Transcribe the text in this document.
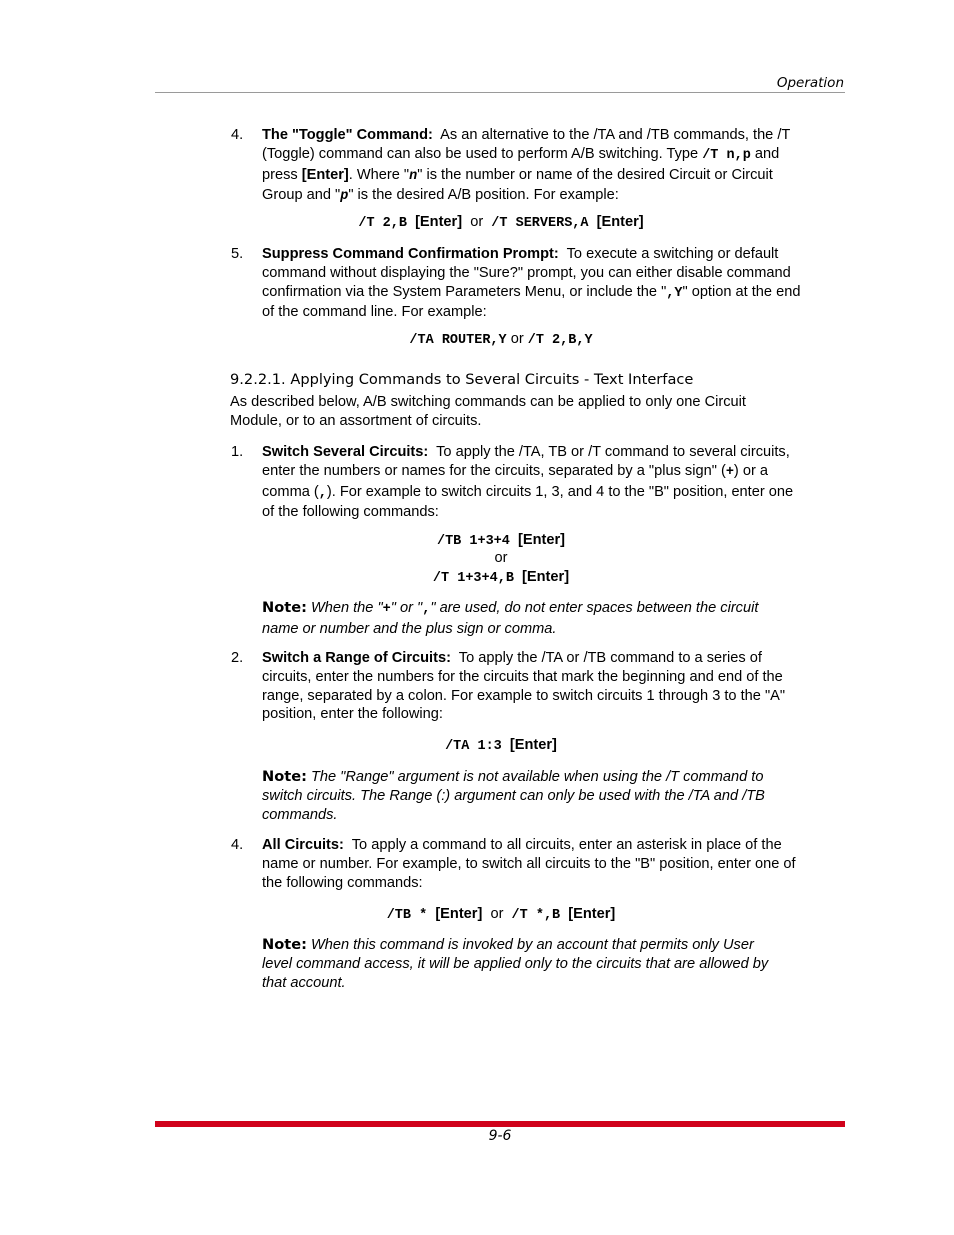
Operation
4. The "Toggle" Command: As an alternative to the /TA and /TB commands, the /T
(Toggle) command can also be used to perform A/B switching. Type /T n,p and
press [Enter]. Where "n" is the number or name of the desired Circuit or Circuit
Group and "p" is the desired A/B position. For example:
/T 2,B [Enter] or /T SERVERS,A [Enter]
5. Suppress Command Confirmation Prompt: To execute a switching or default
command without displaying the "Sure?" prompt, you can either disable command
confirmation via the System Parameters Menu, or include the ",Y" option at the end
of the command line. For example:
/TA ROUTER,Y or /T 2,B,Y
9.2.2.1. Applying Commands to Several Circuits - Text Interface
As described below, A/B switching commands can be applied to only one Circuit
Module, or to an assortment of circuits.
1. Switch Several Circuits: To apply the /TA, TB or /T command to several circuits,
enter the numbers or names for the circuits, separated by a "plus sign" (+) or a
comma (,). For example to switch circuits 1, 3, and 4 to the "B" position, enter one
of the following commands:
/TB 1+3+4 [Enter]
or
/T 1+3+4,B [Enter]
Note: When the "+" or "," are used, do not enter spaces between the circuit
name or number and the plus sign or comma.
2. Switch a Range of Circuits: To apply the /TA or /TB command to a series of
circuits, enter the numbers for the circuits that mark the beginning and end of the
range, separated by a colon. For example to switch circuits 1 through 3 to the "A"
position, enter the following:
/TA 1:3 [Enter]
Note: The "Range" argument is not available when using the /T command to
switch circuits. The Range (:) argument can only be used with the /TA and /TB
commands.
4. All Circuits: To apply a command to all circuits, enter an asterisk in place of the
name or number. For example, to switch all circuits to the "B" position, enter one of
the following commands:
/TB * [Enter] or /T *,B [Enter]
Note: When this command is invoked by an account that permits only User
level command access, it will be applied only to the circuits that are allowed by
that account.
9-6
